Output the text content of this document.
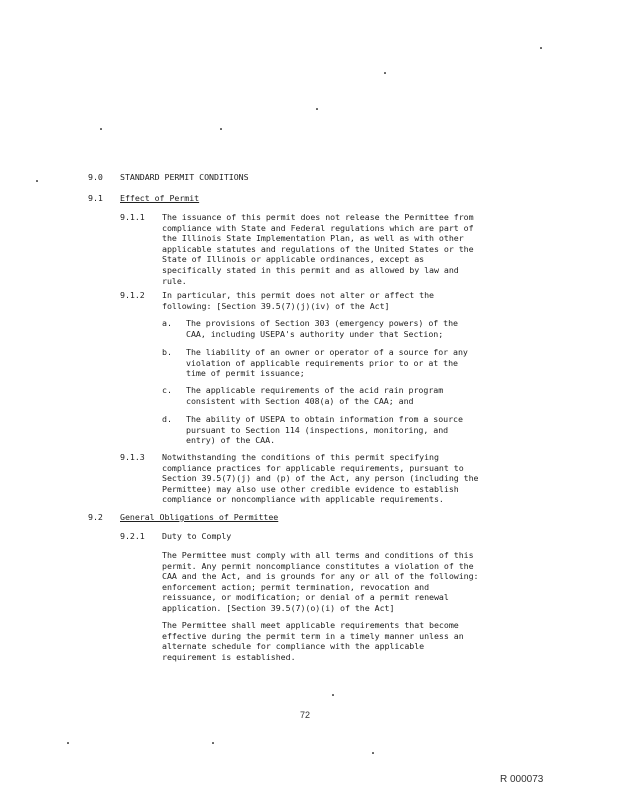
9.0 STANDARD PERMIT CONDITIONS
9.1 Effect of Permit
9.1.1 The issuance of this permit does not release the Permittee from
compliance with State and Federal regulations which are part of
the Illinois State Implementation Plan, as well as with other
applicable statutes and regulations of the United States or the
State of Illinois or applicable ordinances, except as
specifically stated in this permit and as allowed by law and
rule.
9.1.2 In particular, this permit does not alter or affect the
following: [Section 39.5(7)(j)(iv) of the Act]
a. The provisions of Section 303 (emergency powers) of the
CAA, including USEPA's authority under that Section;
b. The liability of an owner or operator of a source for any
violation of applicable requirements prior to or at the
time of permit issuance;
c. The applicable requirements of the acid rain program
consistent with Section 408(a) of the CAA; and
d. The ability of USEPA to obtain information from a source
pursuant to Section 114 (inspections, monitoring, and
entry) of the CAA.
9.1.3 Notwithstanding the conditions of this permit specifying
compliance practices for applicable requirements, pursuant to
Section 39.5(7)(j) and (p) of the Act, any person (including the
Permittee) may also use other credible evidence to establish
compliance or noncompliance with applicable requirements.
9.2 General Obligations of Permittee
9.2.1 Duty to Comply
The Permittee must comply with all terms and conditions of this
permit. Any permit noncompliance constitutes a violation of the
CAA and the Act, and is grounds for any or all of the following:
enforcement action; permit termination, revocation and
reissuance, or modification; or denial of a permit renewal
application. [Section 39.5(7)(o)(i) of the Act]
The Permittee shall meet applicable requirements that become
effective during the permit term in a timely manner unless an
alternate schedule for compliance with the applicable
requirement is established.
72
R 000073
